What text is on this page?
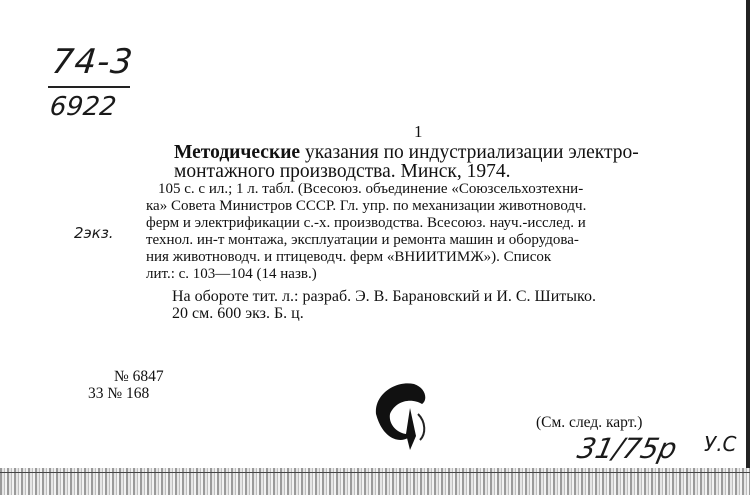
74-3
6922
1
Методические указания по индустриализации электро-
монтажного производства. Минск, 1974.
105 с. с ил.; 1 л. табл. (Всесоюз. объединение «Союзсельхозтехни-
ка» Совета Министров СССР. Гл. упр. по механизации животноводч.
ферм и электрификации с.-х. производства. Всесоюз. науч.-исслед. и
технол. ин-т монтажа, эксплуатации и ремонта машин и оборудова-
ния животноводч. и птицеводч. ферм «ВНИИТИМЖ»). Список
лит.: с. 103—104 (14 назв.)
2экз.
На обороте тит. л.: разраб. Э. В. Барановский и И. С. Шитыко.
20 см. 600 экз. Б. ц.
№ 6847
33 № 168
(См. след. карт.)
31/75р У.С
